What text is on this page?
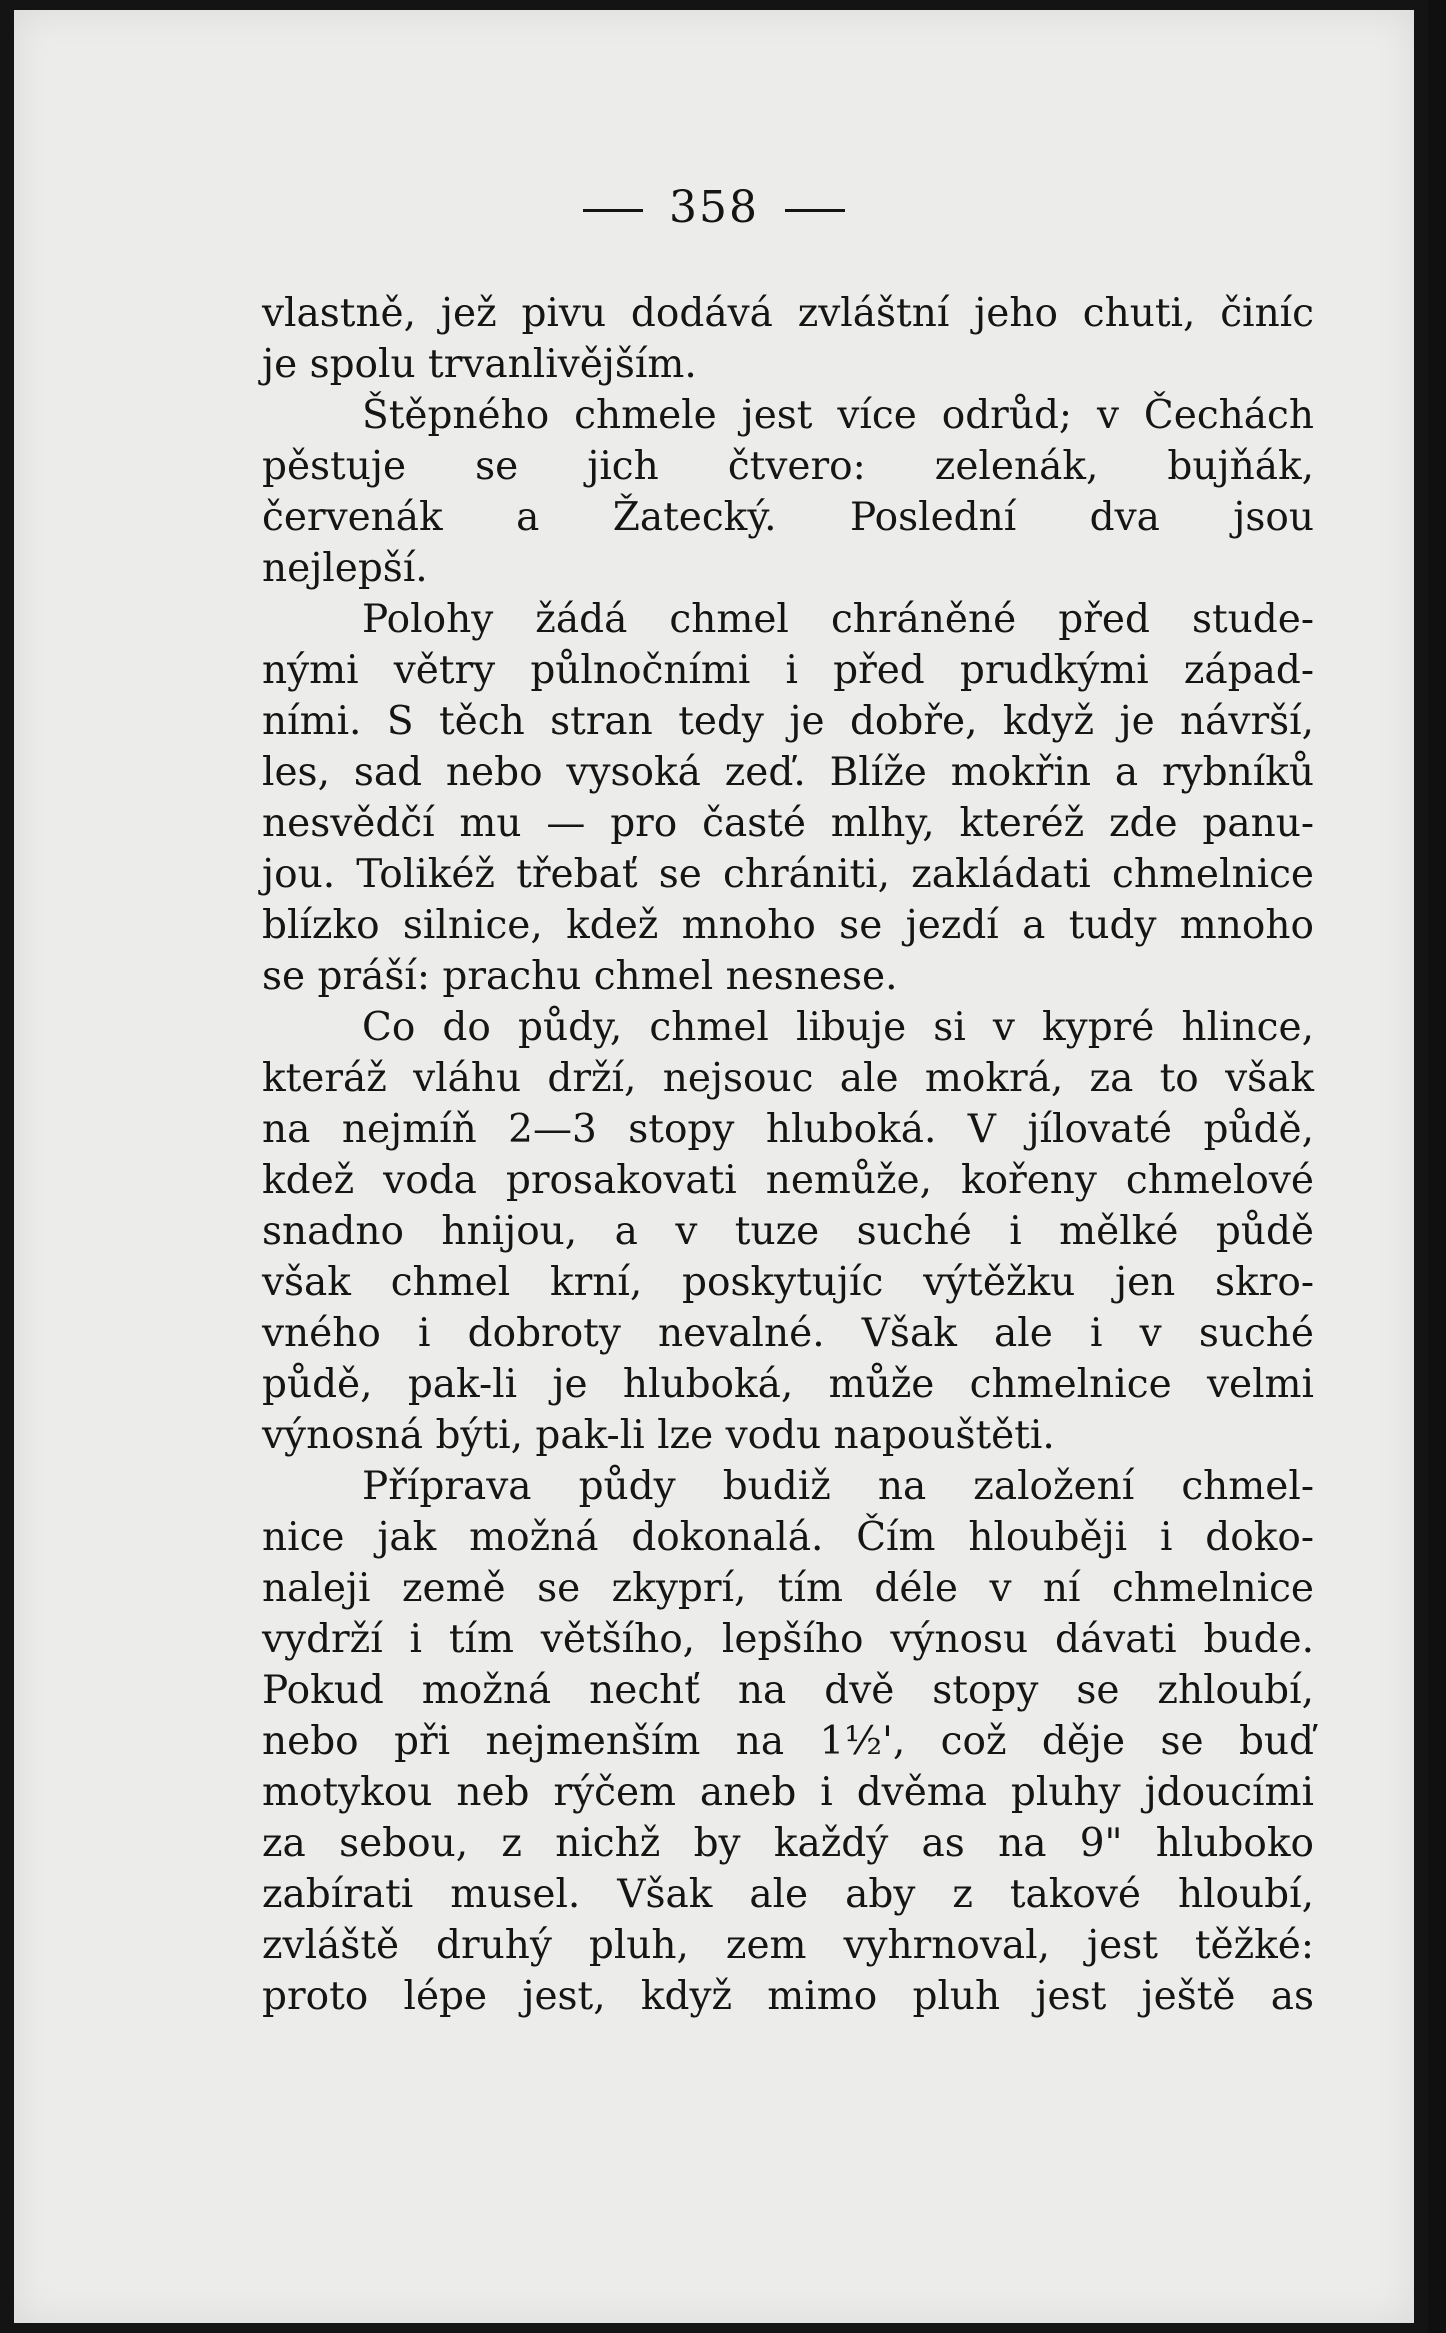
358
vlastně, jež pivu dodává zvláštní jeho chuti, činíc
je spolu trvanlivějším.
Štěpného chmele jest více odrůd; v Čechách
pěstuje se jich čtvero: zelenák, bujňák,
červenák a Žatecký. Poslední dva jsou
nejlepší.
Polohy žádá chmel chráněné před stude-
nými větry půlnočními i před prudkými západ-
ními. S těch stran tedy je dobře, když je návrší,
les, sad nebo vysoká zeď. Blíže mokřin a rybníků
nesvědčí mu — pro časté mlhy, kteréž zde panu-
jou. Tolikéž třebať se chrániti, zakládati chmelnice
blízko silnice, kdež mnoho se jezdí a tudy mnoho
se práší: prachu chmel nesnese.
Co do půdy, chmel libuje si v kypré hlince,
kteráž vláhu drží, nejsouc ale mokrá, za to však
na nejmíň 2—3 stopy hluboká. V jílovaté půdě,
kdež voda prosakovati nemůže, kořeny chmelové
snadno hnijou, a v tuze suché i mělké půdě
však chmel krní, poskytujíc výtěžku jen skro-
vného i dobroty nevalné. Však ale i v suché
půdě, pak-li je hluboká, může chmelnice velmi
výnosná býti, pak-li lze vodu napouštěti.
Příprava půdy budiž na založení chmel-
nice jak možná dokonalá. Čím hlouběji i doko-
naleji země se zkyprí, tím déle v ní chmelnice
vydrží i tím většího, lepšího výnosu dávati bude.
Pokud možná nechť na dvě stopy se zhloubí,
nebo při nejmenším na 1½', což děje se buď
motykou neb rýčem aneb i dvěma pluhy jdoucími
za sebou, z nichž by každý as na 9" hluboko
zabírati musel. Však ale aby z takové hloubí,
zvláště druhý pluh, zem vyhrnoval, jest těžké:
proto lépe jest, když mimo pluh jest ještě as
